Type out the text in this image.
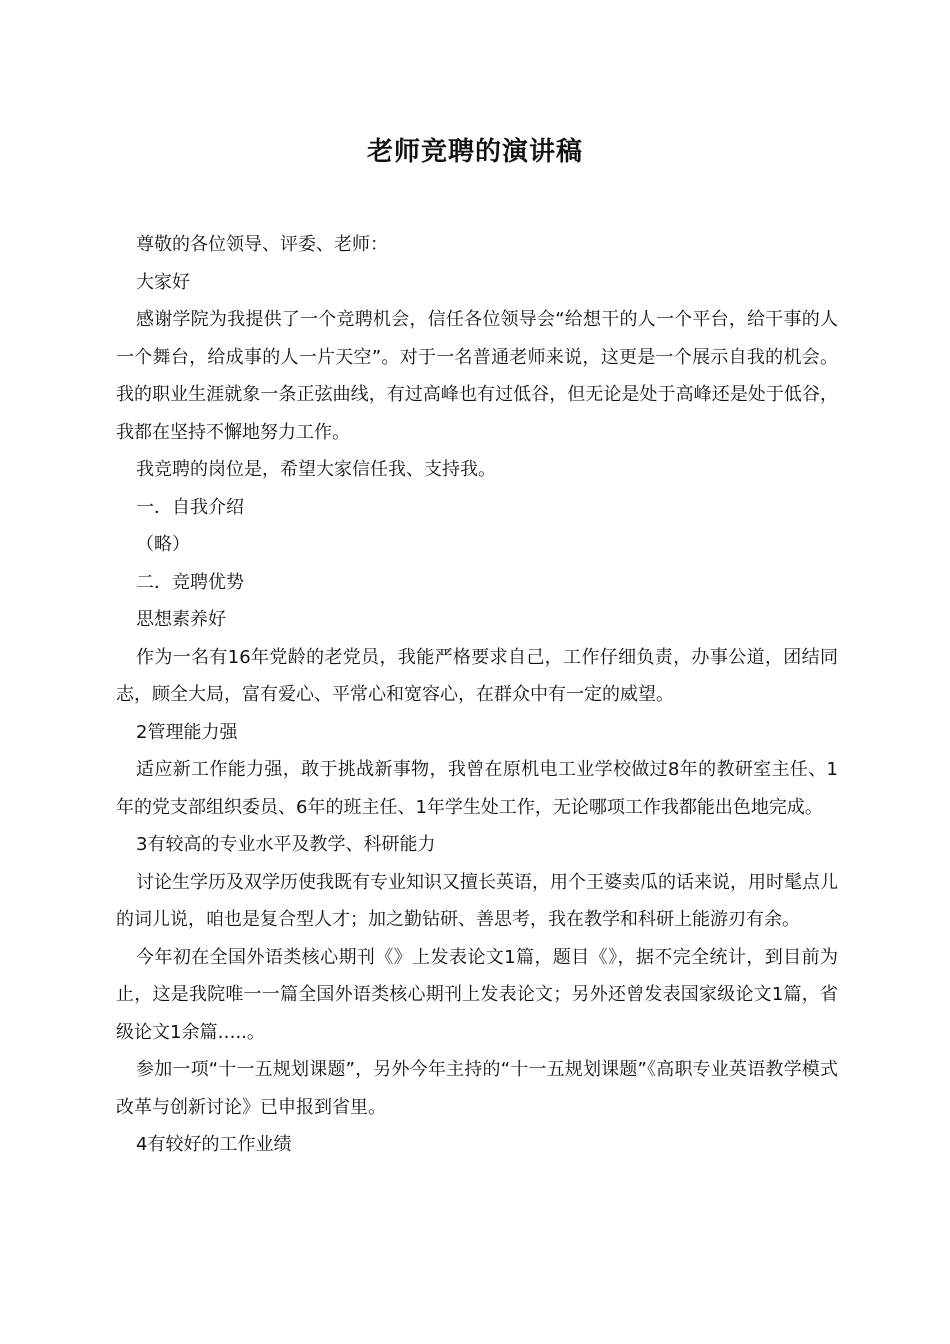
老师竞聘的演讲稿

尊敬的各位领导、评委、老师：

大家好

感谢学院为我提供了一个竞聘机会，信任各位领导会“给想干的人一个平台，给干事的人一个舞台，给成事的人一片天空”。对于一名普通老师来说，这更是一个展示自我的机会。我的职业生涯就象一条正弦曲线，有过高峰也有过低谷，但无论是处于高峰还是处于低谷，我都在坚持不懈地努力工作。

我竞聘的岗位是，希望大家信任我、支持我。

一．自我介绍

（略）

二．竞聘优势

思想素养好

作为一名有16年党龄的老党员，我能严格要求自己，工作仔细负责，办事公道，团结同志，顾全大局，富有爱心、平常心和宽容心，在群众中有一定的威望。

2管理能力强

适应新工作能力强，敢于挑战新事物，我曾在原机电工业学校做过8年的教研室主任、1年的党支部组织委员、6年的班主任、1年学生处工作，无论哪项工作我都能出色地完成。

3有较高的专业水平及教学、科研能力

讨论生学历及双学历使我既有专业知识又擅长英语，用个王婆卖瓜的话来说，用时髦点儿的词儿说，咱也是复合型人才；加之勤钻研、善思考，我在教学和科研上能游刃有余。

今年初在全国外语类核心期刊《》上发表论文1篇，题目《》，据不完全统计，到目前为止，这是我院唯一一篇全国外语类核心期刊上发表论文；另外还曾发表国家级论文1篇，省级论文1余篇…..。

参加一项“十一五规划课题”，另外今年主持的“十一五规划课题”《高职专业英语教学模式改革与创新讨论》已申报到省里。

4有较好的工作业绩
